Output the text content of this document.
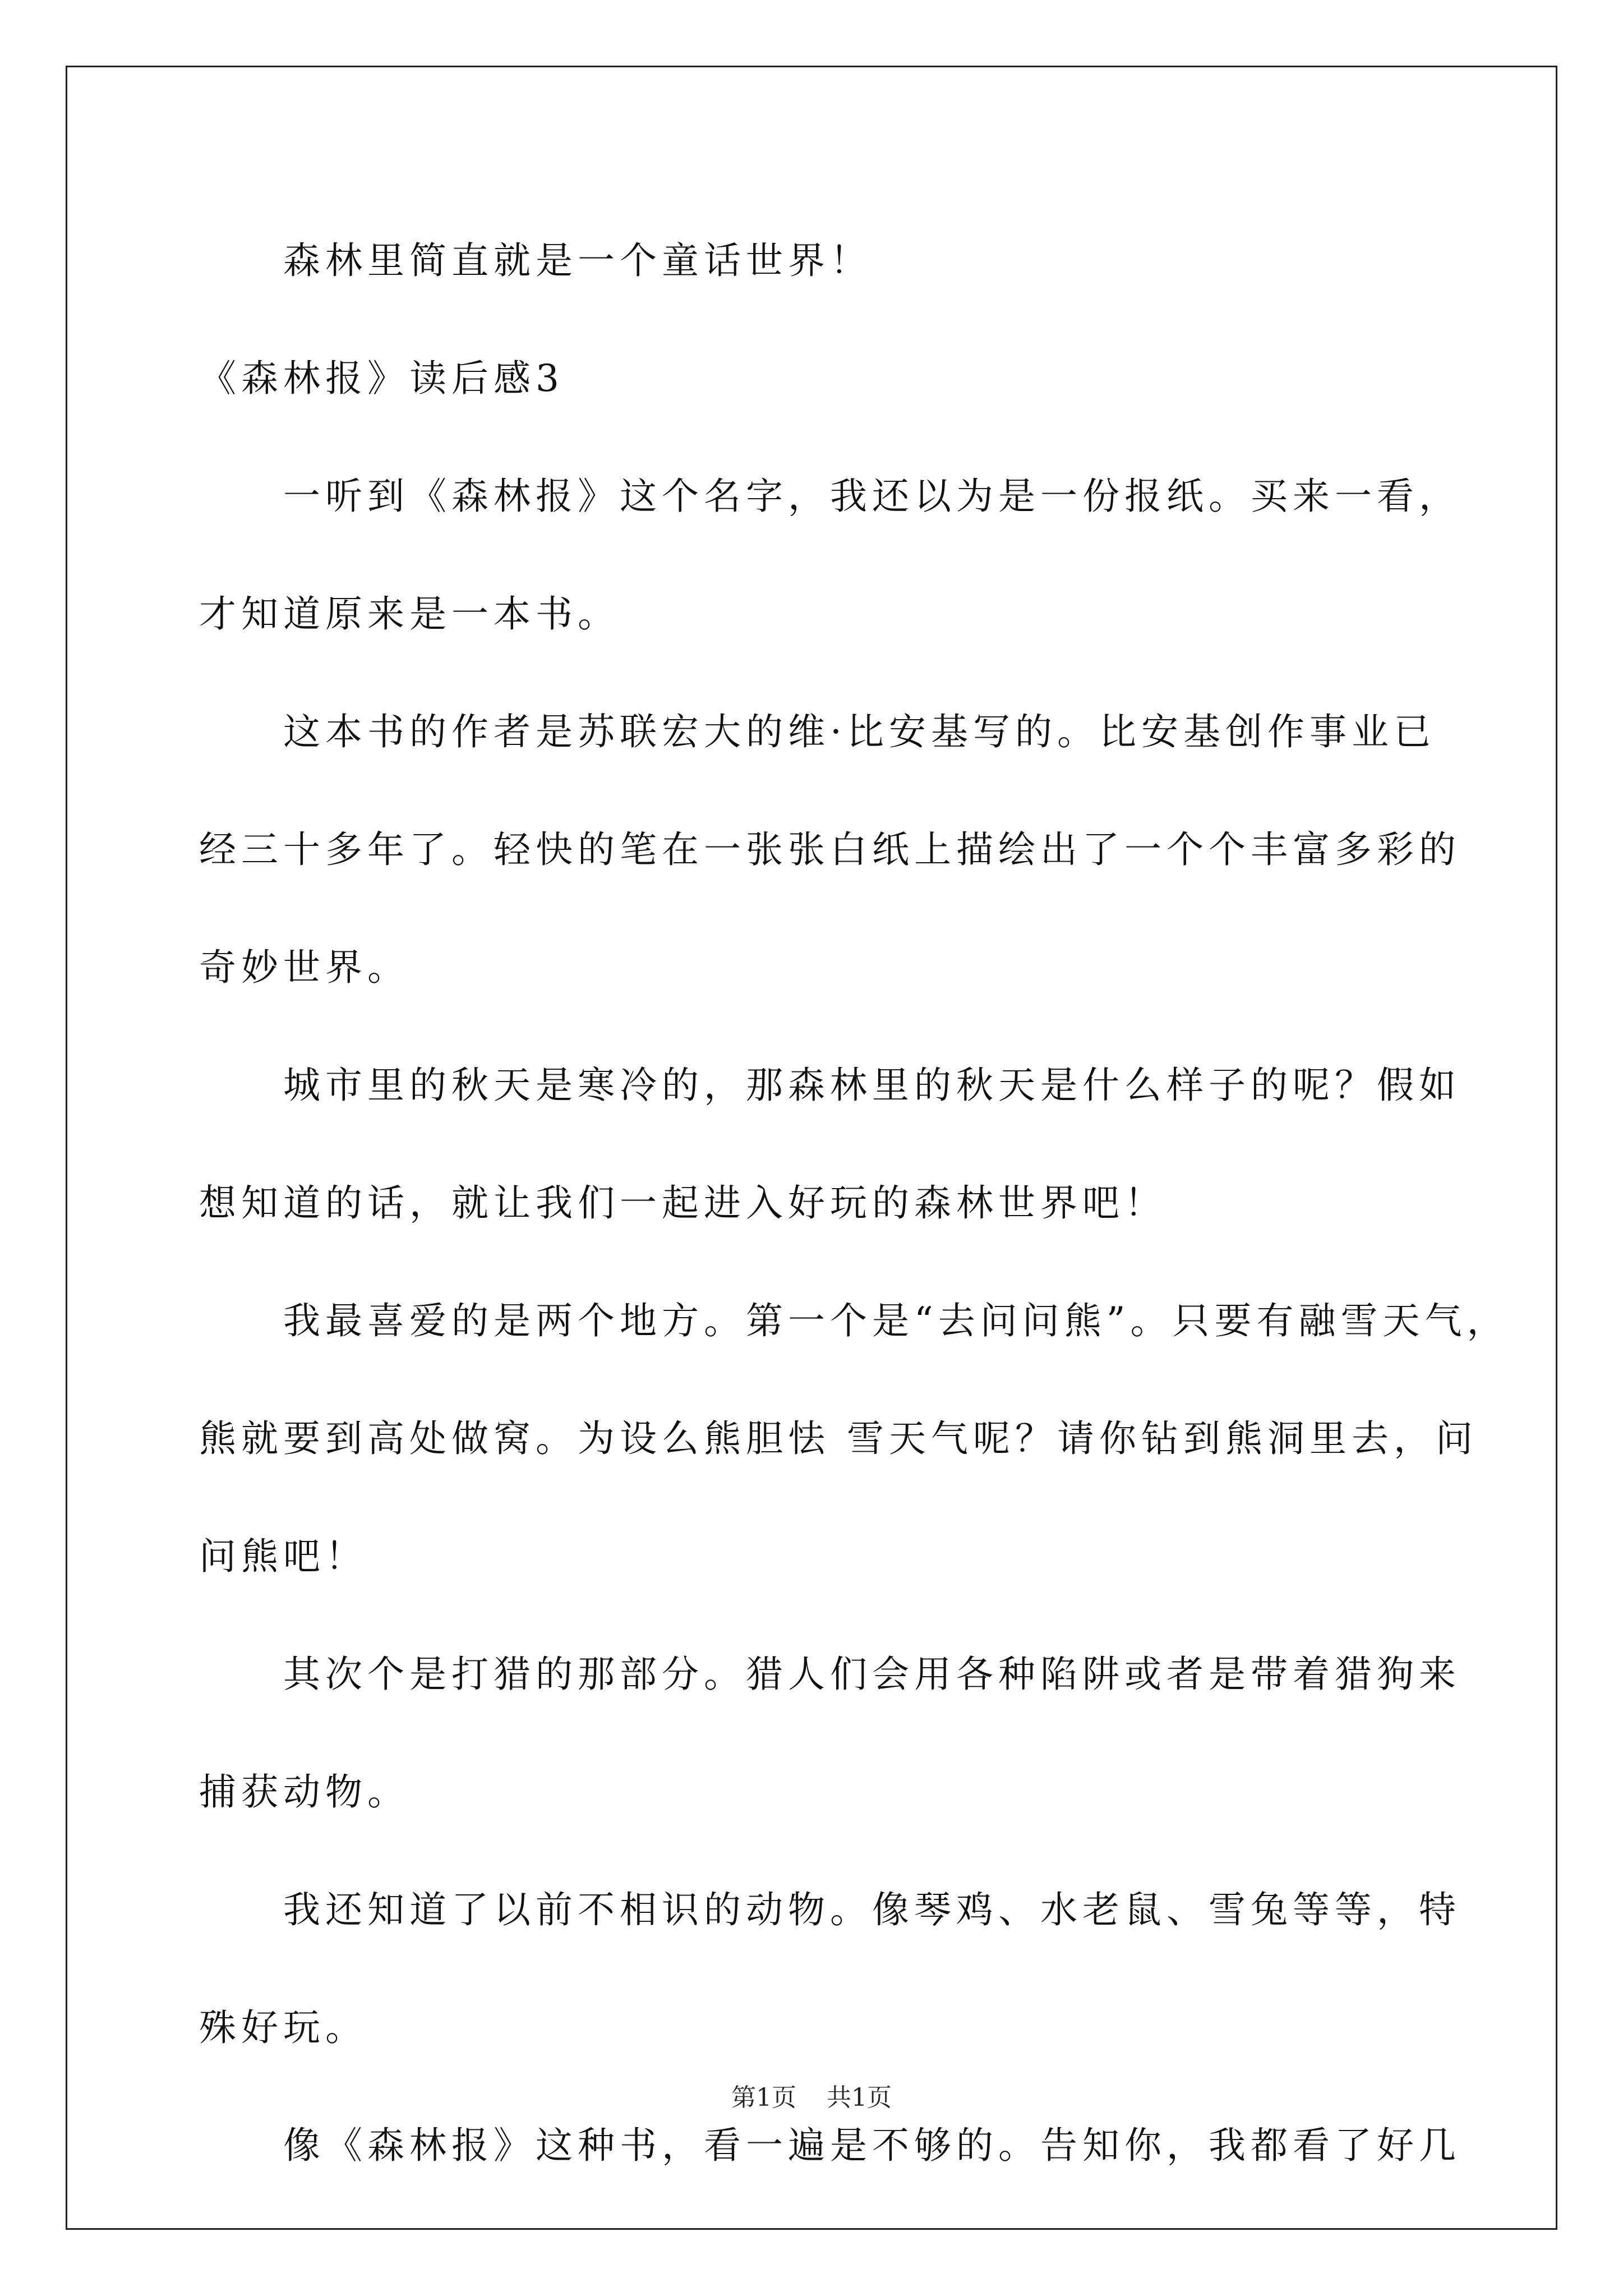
森林里简直就是一个童话世界！
《森林报》读后感3
一听到《森林报》这个名字，我还以为是一份报纸。买来一看，
才知道原来是一本书。
这本书的作者是苏联宏大的维·比安基写的。比安基创作事业已
经三十多年了。轻快的笔在一张张白纸上描绘出了一个个丰富多彩的
奇妙世界。
城市里的秋天是寒冷的，那森林里的秋天是什么样子的呢？假如
想知道的话，就让我们一起进入好玩的森林世界吧！
我最喜爱的是两个地方。第一个是“去问问熊”。只要有融雪天气，
熊就要到高处做窝。为设么熊胆怯 雪天气呢？请你钻到熊洞里去，问
问熊吧！
其次个是打猎的那部分。猎人们会用各种陷阱或者是带着猎狗来
捕获动物。
我还知道了以前不相识的动物。像琴鸡、水老鼠、雪兔等等，特
殊好玩。
像《森林报》这种书，看一遍是不够的。告知你，我都看了好几
第1页 共1页
